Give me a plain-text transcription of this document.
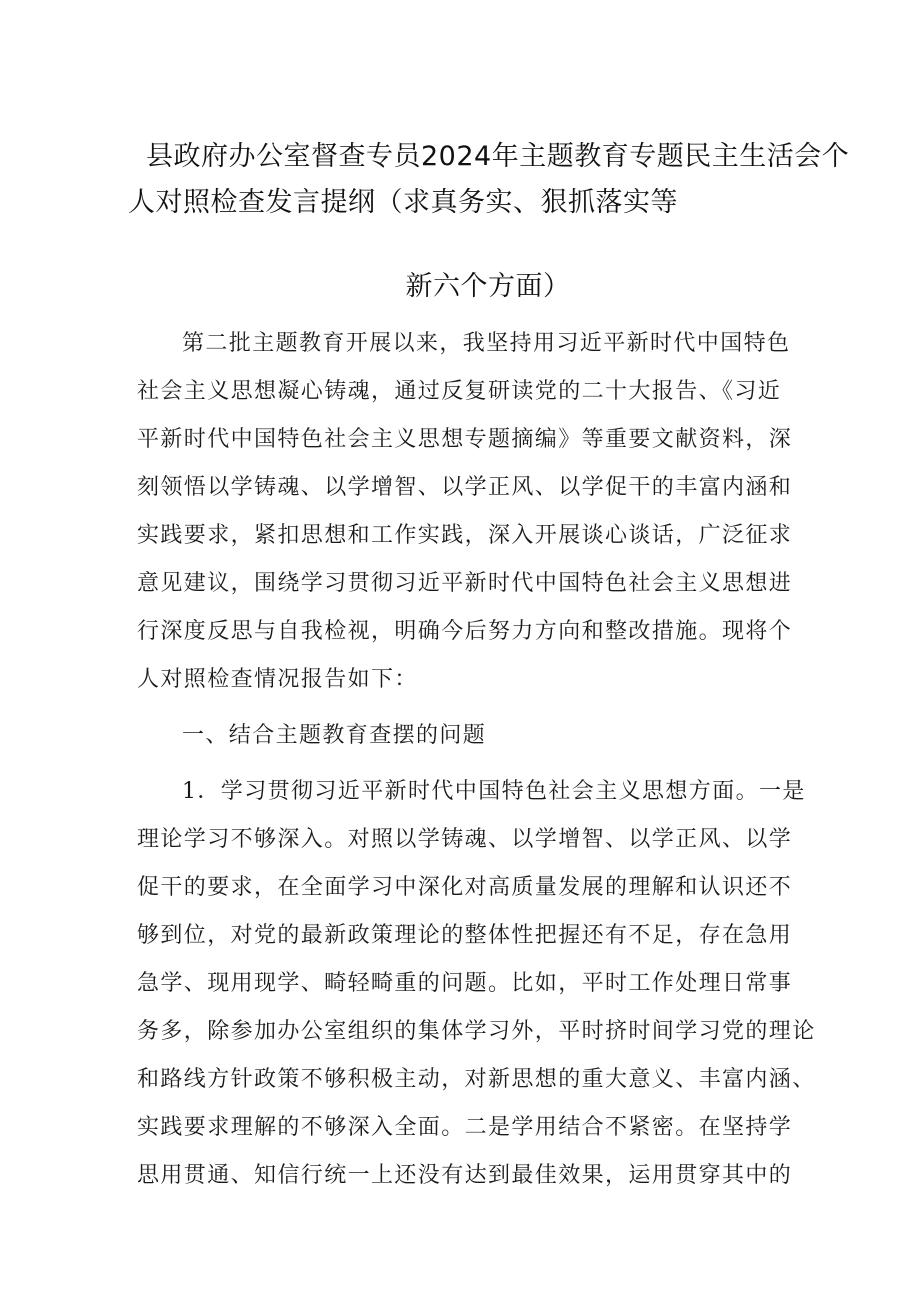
县政府办公室督查专员2024年主题教育专题民主生活会个
人对照检查发言提纲（求真务实、狠抓落实等
新六个方面）
第二批主题教育开展以来，我坚持用习近平新时代中国特色
社会主义思想凝心铸魂，通过反复研读党的二十大报告、《习近
平新时代中国特色社会主义思想专题摘编》等重要文献资料，深
刻领悟以学铸魂、以学增智、以学正风、以学促干的丰富内涵和
实践要求，紧扣思想和工作实践，深入开展谈心谈话，广泛征求
意见建议，围绕学习贯彻习近平新时代中国特色社会主义思想进
行深度反思与自我检视，明确今后努力方向和整改措施。现将个
人对照检查情况报告如下：
一、结合主题教育查摆的问题
1．学习贯彻习近平新时代中国特色社会主义思想方面。一是
理论学习不够深入。对照以学铸魂、以学增智、以学正风、以学
促干的要求，在全面学习中深化对高质量发展的理解和认识还不
够到位，对党的最新政策理论的整体性把握还有不足，存在急用
急学、现用现学、畸轻畸重的问题。比如，平时工作处理日常事
务多，除参加办公室组织的集体学习外，平时挤时间学习党的理论
和路线方针政策不够积极主动，对新思想的重大意义、丰富内涵、
实践要求理解的不够深入全面。二是学用结合不紧密。在坚持学
思用贯通、知信行统一上还没有达到最佳效果，运用贯穿其中的
